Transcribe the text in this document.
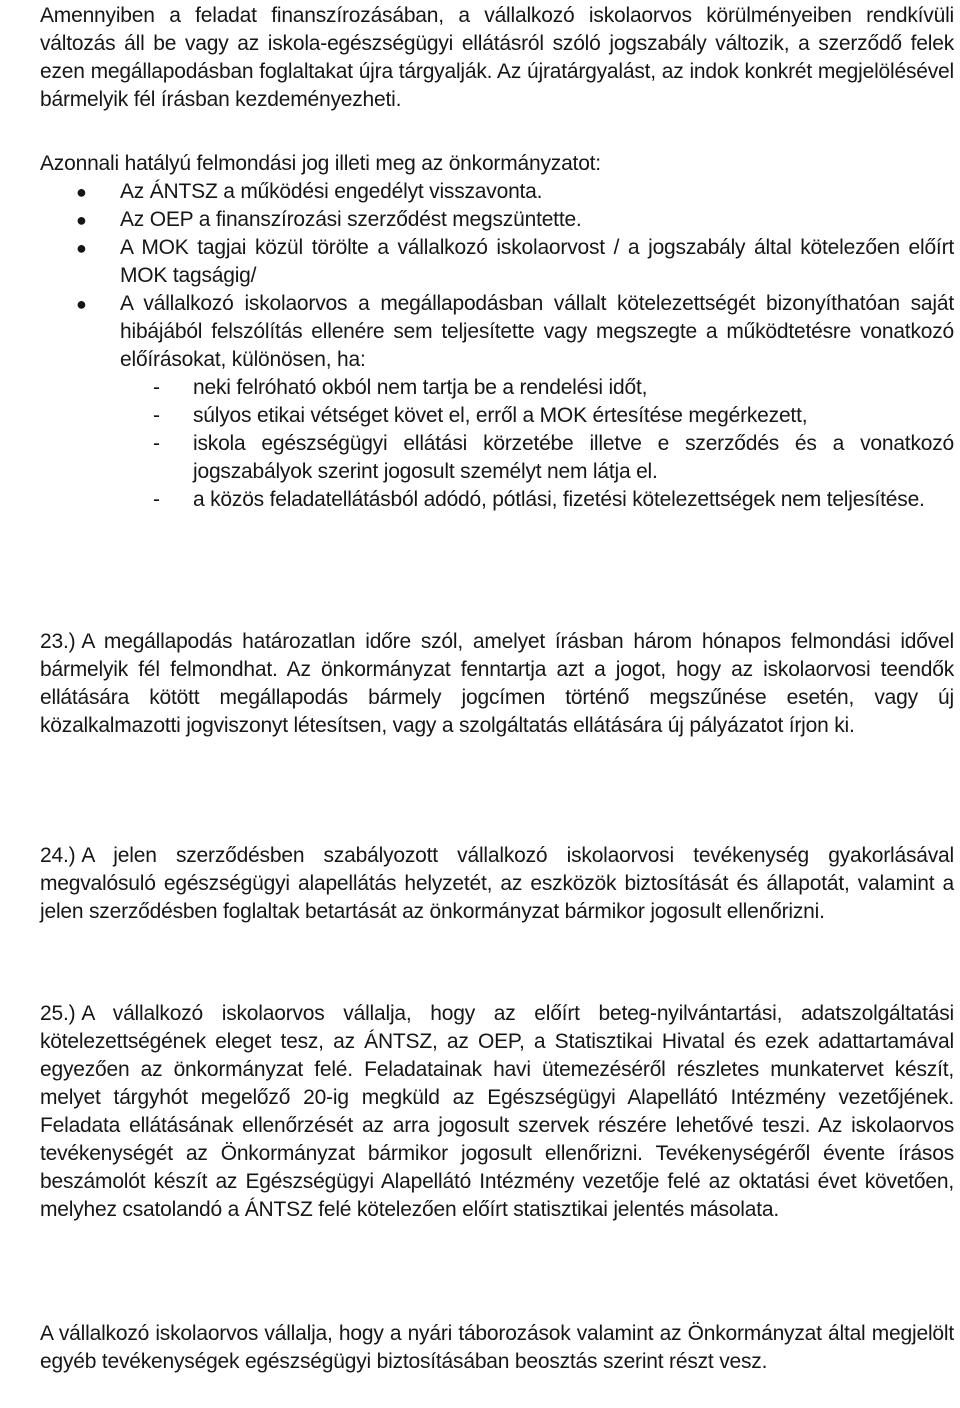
Amennyiben a feladat finanszírozásában, a vállalkozó iskolaorvos körülményeiben rendkívüli változás áll be vagy az iskola-egészségügyi ellátásról szóló jogszabály változik, a szerződő felek ezen megállapodásban foglaltakat újra tárgyalják. Az újratárgyalást, az indok konkrét megjelölésével bármelyik fél írásban kezdeményezheti.

Azonnali hatályú felmondási jog illeti meg az önkormányzatot:

● Az ÁNTSZ a működési engedélyt visszavonta.
● Az OEP a finanszírozási szerződést megszüntette.
● A MOK tagjai közül törölte a vállalkozó iskolaorvost / a jogszabály által kötelezően előírt MOK tagságig/
● A vállalkozó iskolaorvos a megállapodásban vállalt kötelezettségét bizonyíthatóan saját hibájából felszólítás ellenére sem teljesítette vagy megszegte a működtetésre vonatkozó előírásokat, különösen, ha:
- neki felróható okból nem tartja be a rendelési időt,
- súlyos etikai vétséget követ el, erről a MOK értesítése megérkezett,
- iskola egészségügyi ellátási körzetébe illetve e szerződés és a vonatkozó jogszabályok szerint jogosult személyt nem látja el.
- a közös feladatellátásból adódó, pótlási, fizetési kötelezettségek nem teljesítése.

23.) A megállapodás határozatlan időre szól, amelyet írásban három hónapos felmondási idővel bármelyik fél felmondhat. Az önkormányzat fenntartja azt a jogot, hogy az iskolaorvosi teendők ellátására kötött megállapodás bármely jogcímen történő megszűnése esetén, vagy új közalkalmazotti jogviszonyt létesítsen, vagy a szolgáltatás ellátására új pályázatot írjon ki.

24.) A jelen szerződésben szabályozott vállalkozó iskolaorvosi tevékenység gyakorlásával megvalósuló egészségügyi alapellátás helyzetét, az eszközök biztosítását és állapotát, valamint a jelen szerződésben foglaltak betartását az önkormányzat bármikor jogosult ellenőrizni.

25.) A vállalkozó iskolaorvos vállalja, hogy az előírt beteg-nyilvántartási, adatszolgáltatási kötelezettségének eleget tesz, az ÁNTSZ, az OEP, a Statisztikai Hivatal és ezek adattartamával egyezően az önkormányzat felé. Feladatainak havi ütemezéséről részletes munkatervet készít, melyet tárgyhót megelőző 20-ig megküld az Egészségügyi Alapellátó Intézmény vezetőjének. Feladata ellátásának ellenőrzését az arra jogosult szervek részére lehetővé teszi. Az iskolaorvos tevékenységét az Önkormányzat bármikor jogosult ellenőrizni. Tevékenységéről évente írásos beszámolót készít az Egészségügyi Alapellátó Intézmény vezetője felé az oktatási évet követően, melyhez csatolandó a ÁNTSZ felé kötelezően előírt statisztikai jelentés másolata.

A vállalkozó iskolaorvos vállalja, hogy a nyári táborozások valamint az Önkormányzat által megjelölt egyéb tevékenységek egészségügyi biztosításában beosztás szerint részt vesz.
